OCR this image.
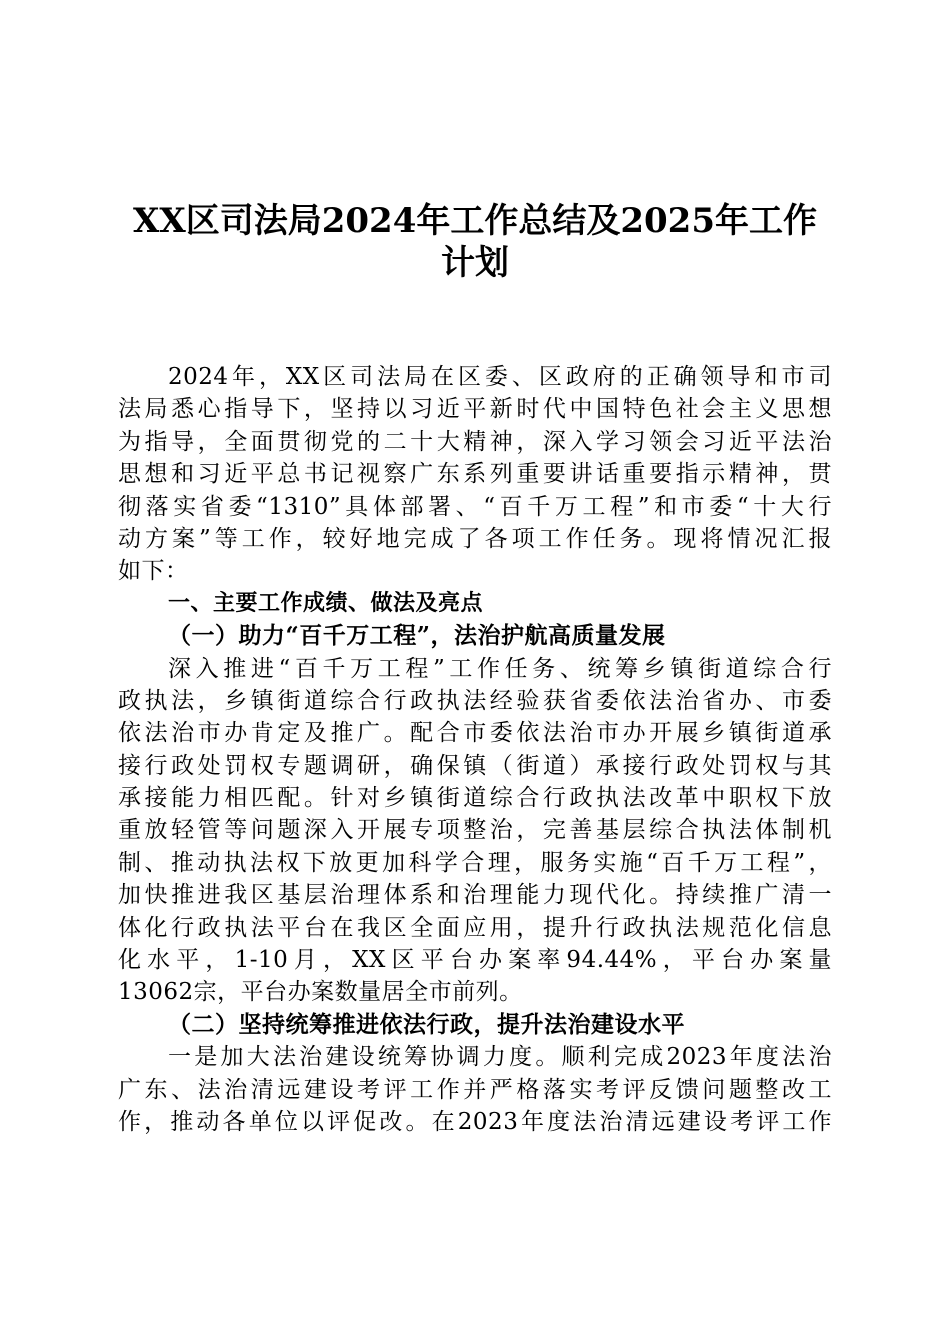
XX区司法局2024年工作总结及2025年工作
计划
2024年，XX区司法局在区委、区政府的正确领导和市司
法局悉心指导下，坚持以习近平新时代中国特色社会主义思想
为指导，全面贯彻党的二十大精神，深入学习领会习近平法治
思想和习近平总书记视察广东系列重要讲话重要指示精神，贯
彻落实省委“1310”具体部署、“百千万工程”和市委“十大行
动方案”等工作，较好地完成了各项工作任务。现将情况汇报
如下：
一、主要工作成绩、做法及亮点
（一）助力“百千万工程”，法治护航高质量发展
深入推进“百千万工程”工作任务、统筹乡镇街道综合行
政执法，乡镇街道综合行政执法经验获省委依法治省办、市委
依法治市办肯定及推广。配合市委依法治市办开展乡镇街道承
接行政处罚权专题调研，确保镇（街道）承接行政处罚权与其
承接能力相匹配。针对乡镇街道综合行政执法改革中职权下放
重放轻管等问题深入开展专项整治，完善基层综合执法体制机
制、推动执法权下放更加科学合理，服务实施“百千万工程”，
加快推进我区基层治理体系和治理能力现代化。持续推广清一
体化行政执法平台在我区全面应用，提升行政执法规范化信息
化水平，1-10月，XX区平台办案率94.44%，平台办案量
13062宗，平台办案数量居全市前列。
（二）坚持统筹推进依法行政，提升法治建设水平
一是加大法治建设统筹协调力度。顺利完成2023年度法治
广东、法治清远建设考评工作并严格落实考评反馈问题整改工
作，推动各单位以评促改。在2023年度法治清远建设考评工作
